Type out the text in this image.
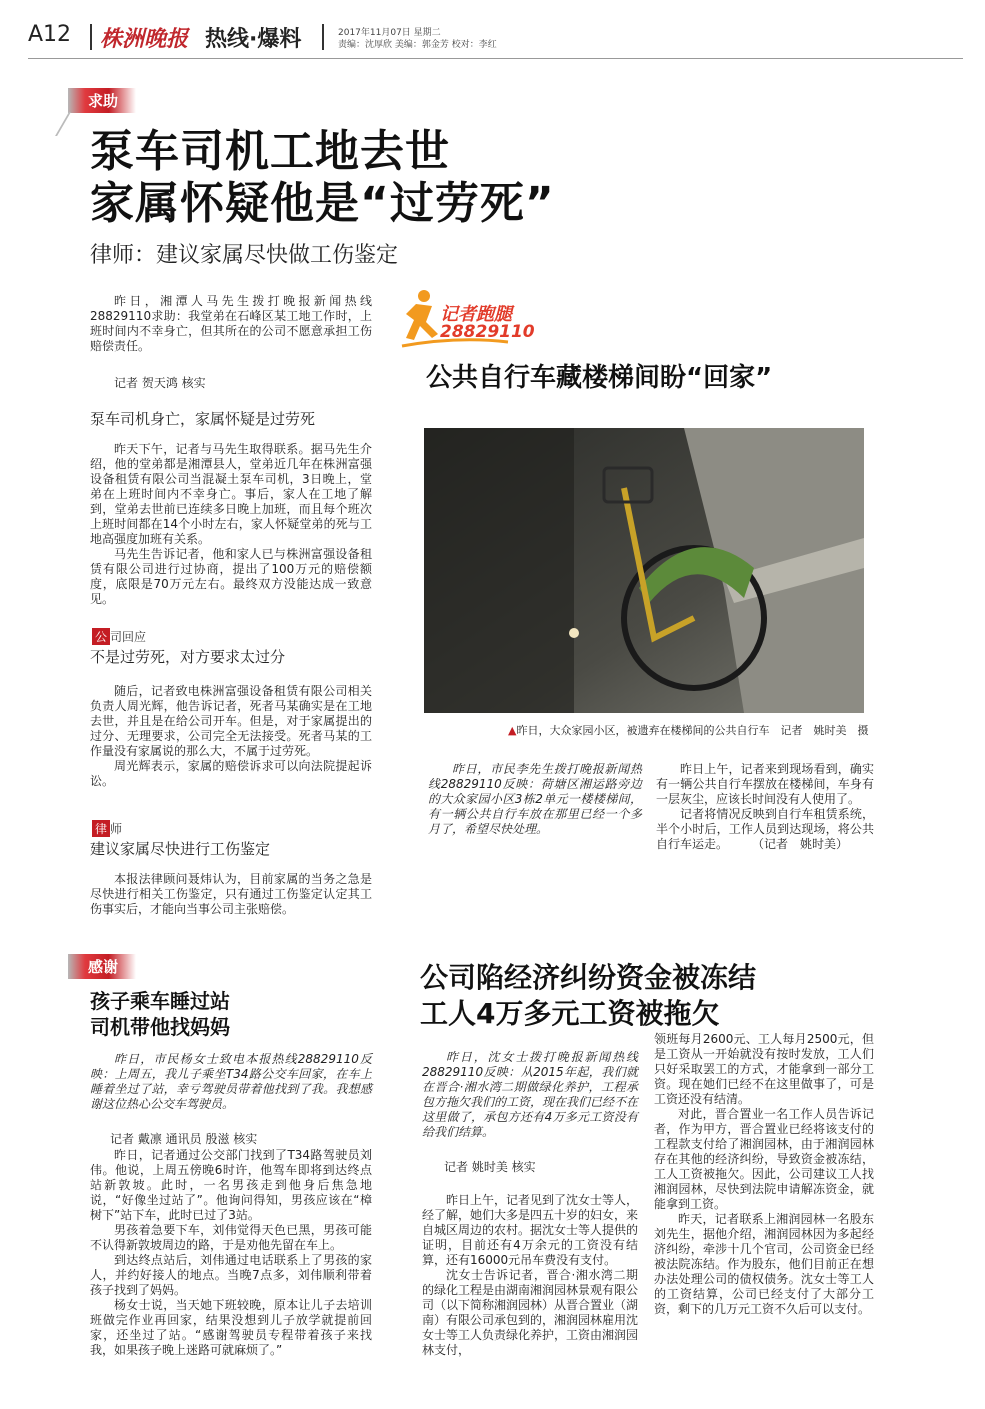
A12 株洲晚报 热线·爆料	2017年11月07日 星期二
责编：沈厚欣 美编：郭金芳 校对：李红
求助
泵车司机工地去世
家属怀疑他是“过劳死”
律师：建议家属尽快做工伤鉴定

昨日，湘潭人马先生拨打晚报新闻热线28829110求助：我堂弟在石峰区某工地工作时，上班时间内不幸身亡，但其所在的公司不愿意承担工伤赔偿责任。

记者 贺天鸿 核实
泵车司机身亡，家属怀疑是过劳死

昨天下午，记者与马先生取得联系。据马先生介绍，他的堂弟都是湘潭县人，堂弟近几年在株洲富强设备租赁有限公司当混凝土泵车司机，3日晚上，堂弟在上班时间内不幸身亡。事后，家人在工地了解到，堂弟去世前已连续多日晚上加班，而且每个班次上班时间都在14个小时左右，家人怀疑堂弟的死与工地高强度加班有关系。

马先生告诉记者，他和家人已与株洲富强设备租赁有限公司进行过协商，提出了100万元的赔偿额度，底限是70万元左右。最终双方没能达成一致意见。

公 司回应
不是过劳死，对方要求太过分

随后，记者致电株洲富强设备租赁有限公司相关负责人周光辉，他告诉记者，死者马某确实是在工地去世，并且是在给公司开车。但是，对于家属提出的过分、无理要求，公司完全无法接受。死者马某的工作量没有家属说的那么大，不属于过劳死。

周光辉表示，家属的赔偿诉求可以向法院提起诉讼。

律 师
建议家属尽快进行工伤鉴定

本报法律顾问聂炜认为，目前家属的当务之急是尽快进行相关工伤鉴定，只有通过工伤鉴定认定其工伤事实后，才能向当事公司主张赔偿。

记者跑腿
28829110
公共自行车藏楼梯间盼“回家”
▲昨日，大众家园小区，被遗弃在楼梯间的公共自行车　记者　姚时美　摄

昨日，市民李先生拨打晚报新闻热线28829110反映：荷塘区湘运路旁边的大众家园小区3栋2单元一楼楼梯间，有一辆公共自行车放在那里已经一个多月了，希望尽快处理。

昨日上午，记者来到现场看到，确实有一辆公共自行车摆放在楼梯间，车身有一层灰尘，应该长时间没有人使用了。

记者将情况反映到自行车租赁系统，半个小时后，工作人员到达现场，将公共自行车运走。　　　（记者　姚时美）

感谢
孩子乘车睡过站
司机带他找妈妈

昨日，市民杨女士致电本报热线28829110反映：上周五，我儿子乘坐T34路公交车回家，在车上睡着坐过了站，幸亏驾驶员带着他找到了我。我想感谢这位热心公交车驾驶员。

记者 戴凛 通讯员 殷滋 核实

昨日，记者通过公交部门找到了T34路驾驶员刘伟。他说，上周五傍晚6时许，他驾车即将到达终点站新敦坡。此时，一名男孩走到他身后焦急地说，“好像坐过站了”。他询问得知，男孩应该在“樟树下”站下车，此时已过了3站。

男孩着急要下车，刘伟觉得天色已黑，男孩可能不认得新敦坡周边的路，于是劝他先留在车上。

到达终点站后，刘伟通过电话联系上了男孩的家人，并约好接人的地点。当晚7点多，刘伟顺利带着孩子找到了妈妈。

杨女士说，当天她下班较晚，原本让儿子去培训班做完作业再回家，结果没想到儿子放学就提前回家，还坐过了站。“感谢驾驶员专程带着孩子来找我，如果孩子晚上迷路可就麻烦了。”

公司陷经济纠纷资金被冻结
工人4万多元工资被拖欠

昨日，沈女士拨打晚报新闻热线28829110反映：从2015年起，我们就在晋合·湘水湾二期做绿化养护，工程承包方拖欠我们的工资，现在我们已经不在这里做了，承包方还有4万多元工资没有给我们结算。

记者 姚时美 核实

昨日上午，记者见到了沈女士等人，经了解，她们大多是四五十岁的妇女，来自城区周边的农村。据沈女士等人提供的证明，目前还有4万余元的工资没有结算，还有16000元吊车费没有支付。

沈女士告诉记者，晋合·湘水湾二期的绿化工程是由湖南湘润园林景观有限公司（以下简称湘润园林）从晋合置业（湖南）有限公司承包到的，湘润园林雇用沈女士等工人负责绿化养护，工资由湘润园林支付，

领班每月2600元、工人每月2500元，但是工资从一开始就没有按时发放，工人们只好采取罢工的方式，才能拿到一部分工资。现在她们已经不在这里做事了，可是工资还没有结清。

对此，晋合置业一名工作人员告诉记者，作为甲方，晋合置业已经将该支付的工程款支付给了湘润园林，由于湘润园林存在其他的经济纠纷，导致资金被冻结，工人工资被拖欠。因此，公司建议工人找湘润园林，尽快到法院申请解冻资金，就能拿到工资。

昨天，记者联系上湘润园林一名股东刘先生，据他介绍，湘润园林因为多起经济纠纷，牵涉十几个官司，公司资金已经被法院冻结。作为股东，他们目前正在想办法处理公司的债权债务。沈女士等工人的工资结算，公司已经支付了大部分工资，剩下的几万元工资不久后可以支付。
